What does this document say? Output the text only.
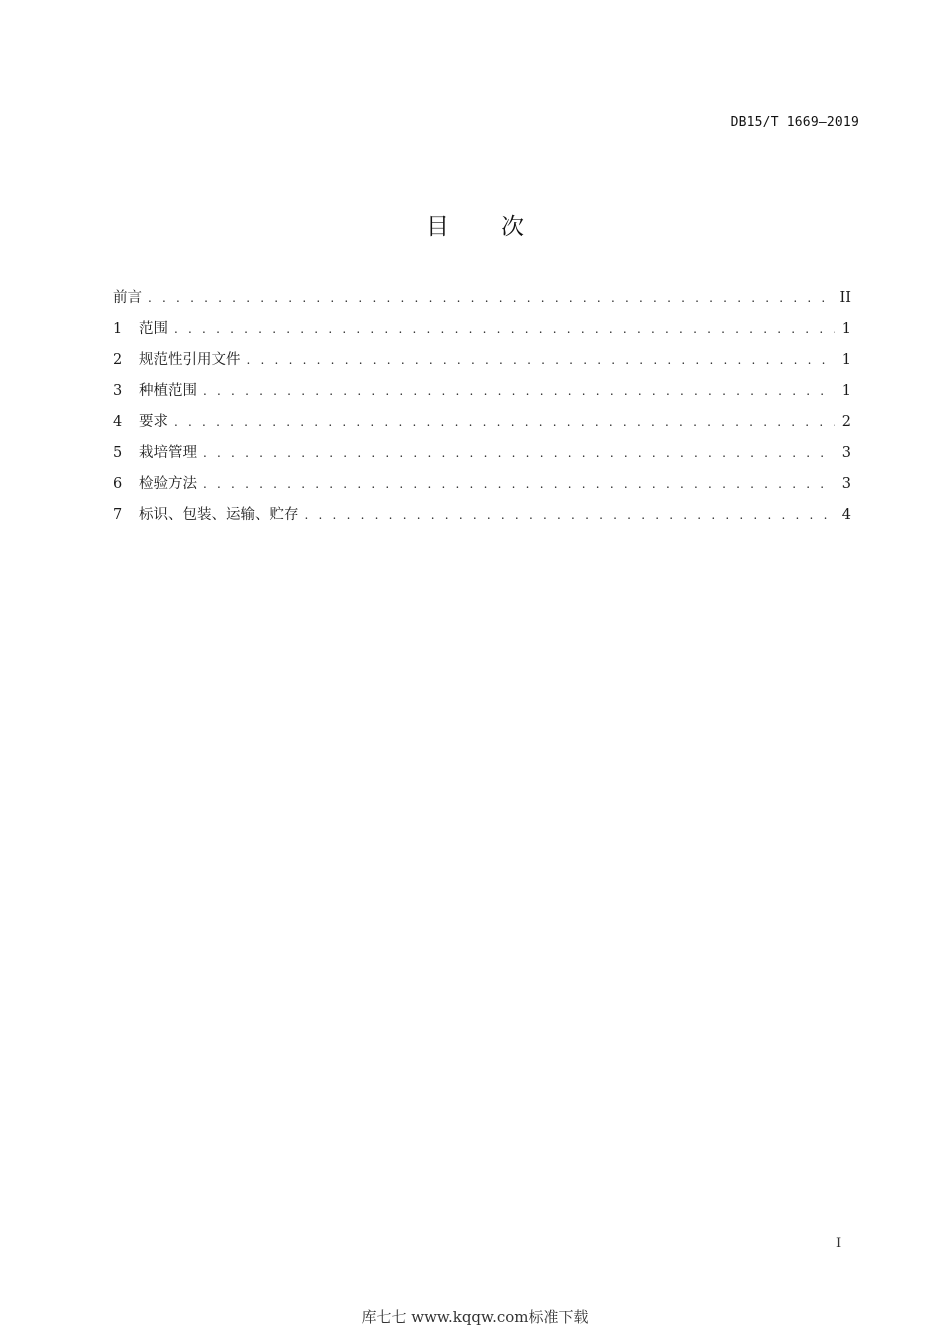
DB15/T 1669—2019
目 次
前言 . . .	II
1	范围 . . .	1
2	规范性引用文件 . . .	1
3	种植范围 . . .	1
4	要求 . . .	2
5	栽培管理 . . .	3
6	检验方法 . . .	3
7	标识、包装、运输、贮存 . . .	4
I
库七七 www.kqqw.com标准下载
